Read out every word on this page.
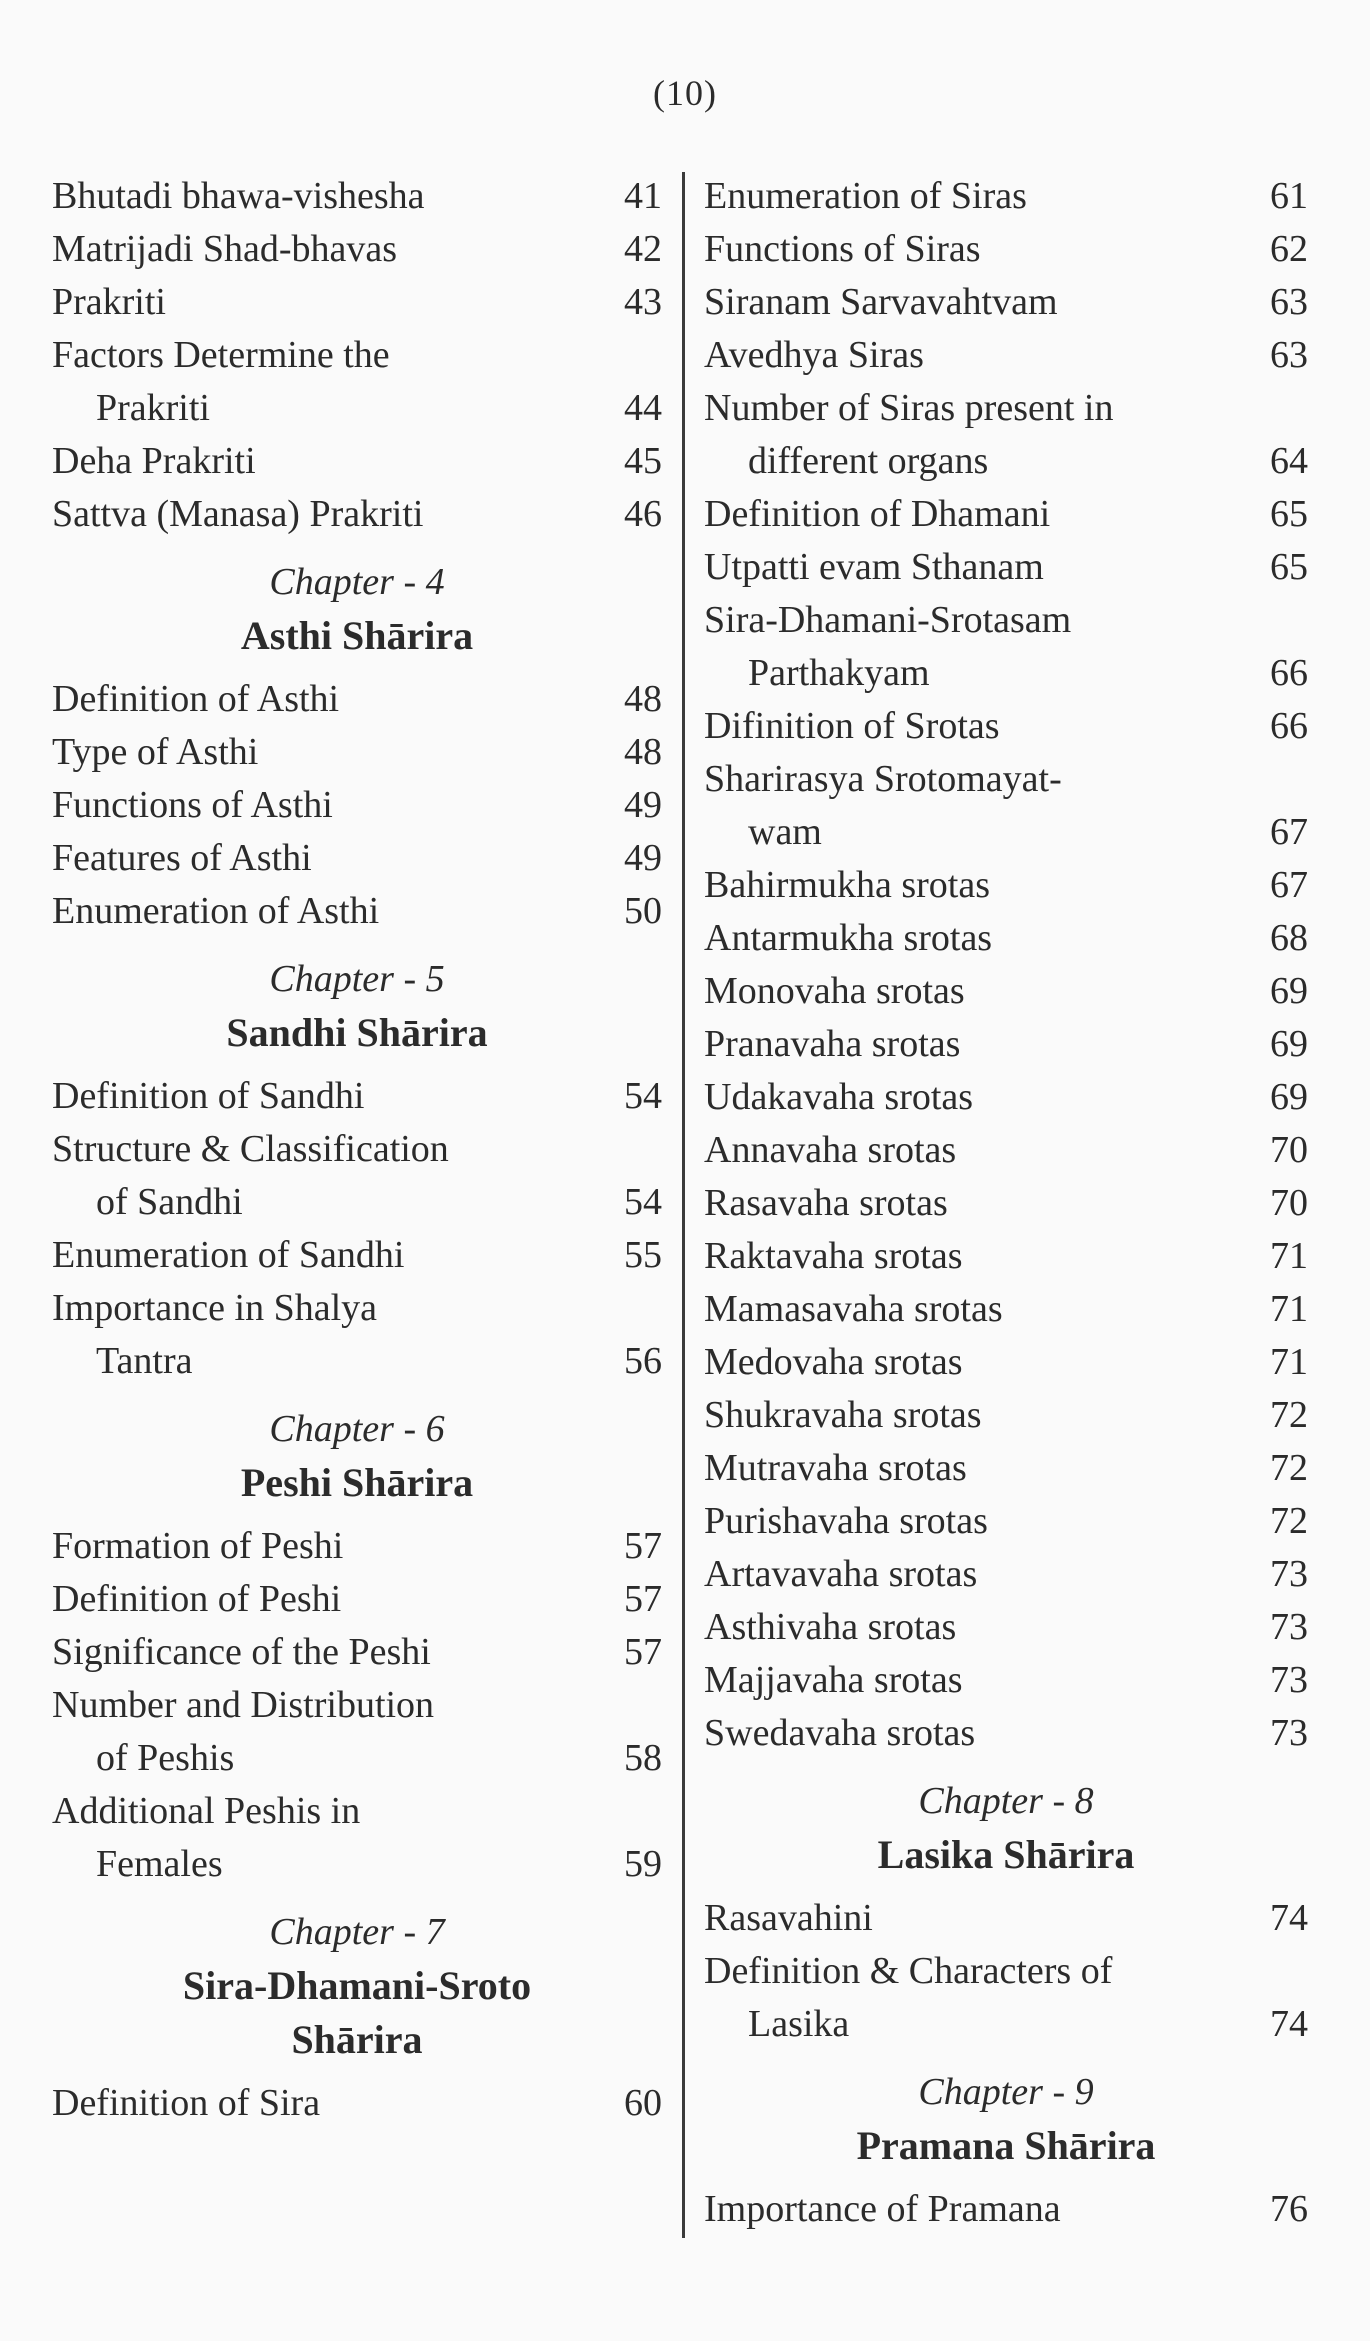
(10)
Bhutadi bhawa-vishesha	41
Matrijadi Shad-bhavas	42
Prakriti	43
Factors Determine the
Prakriti	44
Deha Prakriti	45
Sattva (Manasa) Prakriti	46
Chapter - 4
Asthi Shārira
Definition of Asthi	48
Type of Asthi	48
Functions of Asthi	49
Features of Asthi	49
Enumeration of Asthi	50
Chapter - 5
Sandhi Shārira
Definition of Sandhi	54
Structure & Classification
of Sandhi	54
Enumeration of Sandhi	55
Importance in Shalya
Tantra	56
Chapter - 6
Peshi Shārira
Formation of Peshi	57
Definition of Peshi	57
Significance of the Peshi	57
Number and Distribution
of Peshis	58
Additional Peshis in
Females	59
Chapter - 7
Sira-Dhamani-Sroto
Shārira
Definition of Sira	60
Enumeration of Siras	61
Functions of Siras	62
Siranam Sarvavahtvam	63
Avedhya Siras	63
Number of Siras present in
different organs	64
Definition of Dhamani	65
Utpatti evam Sthanam	65
Sira-Dhamani-Srotasam
Parthakyam	66
Difinition of Srotas	66
Sharirasya Srotomayat-
wam	67
Bahirmukha srotas	67
Antarmukha srotas	68
Monovaha srotas	69
Pranavaha srotas	69
Udakavaha srotas	69
Annavaha srotas	70
Rasavaha srotas	70
Raktavaha srotas	71
Mamasavaha srotas	71
Medovaha srotas	71
Shukravaha srotas	72
Mutravaha srotas	72
Purishavaha srotas	72
Artavavaha srotas	73
Asthivaha srotas	73
Majjavaha srotas	73
Swedavaha srotas	73
Chapter - 8
Lasika Shārira
Rasavahini	74
Definition & Characters of
Lasika	74
Chapter - 9
Pramana Shārira
Importance of Pramana	76
